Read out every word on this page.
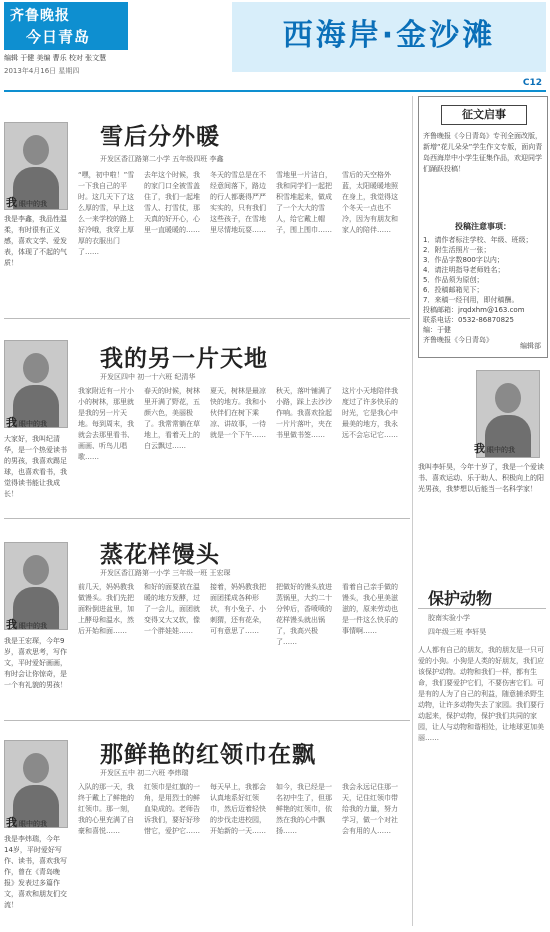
齐鲁晚报
今日青岛
编辑 于健 美编 曹乐 校对 张文慧
2013年4月16日 星期四
西海岸·金沙滩
C12
我眼中的我
我是李鑫，我品性温柔，有时很有正义感，喜欢文学、爱发表，体现了不起的气质！
雪后分外暖
开发区香江路第二小学 五年级四班 李鑫
“嘿，初中啦！”雪一下我自己的平时。这几天下了这么厚的雪，早上这么一来学校的路上好冷哦，我穿上厚厚的衣服出门了……
去年这个时候，我的家门口全被雪盖住了，我们一起堆雪人、打雪仗，那天真的好开心，心里一直暖暖的……
冬天的雪总是在不经意间落下，路边的行人都裹得严严实实的，只有我们这些孩子，在雪地里尽情地玩耍……
雪地里一片洁白，我和同学们一起把积雪堆起来，做成了一个大大的雪人，给它戴上帽子，围上围巾……
雪后的天空格外蓝，太阳暖暖地照在身上，我觉得这个冬天一点也不冷，因为有朋友和家人的陪伴……
我眼中的我
大家好，我叫纪清华，是一个热爱读书的男孩，我喜欢踢足球，也喜欢看书，我觉得读书能让我成长！
我的另一片天地
开发区四中 初一十六班 纪清华
我家附近有一片小小的树林，那里就是我的另一片天地。每到周末，我就会去那里看书、画画、听鸟儿唱歌……
春天的时候，树林里开满了野花，五颜六色，美丽极了。我常常躺在草地上，看着天上的白云飘过……
夏天，树林是最凉快的地方。我和小伙伴们在树下乘凉、讲故事，一待就是一个下午……
秋天，落叶铺满了小路，踩上去沙沙作响。我喜欢捡起一片片落叶，夹在书里做书签……
这片小天地陪伴我度过了许多快乐的时光，它是我心中最美的地方，我永远不会忘记它……
我眼中的我
我是王宏琛，今年9岁，喜欢思考，写作文，平时爱好画画，有时会让你惊奇，是一个有礼貌的男孩！
蒸花样馒头
开发区香江路第一小学 三年级一班 王宏琛
前几天，妈妈教我做馒头。我们先把面粉倒进盆里，加上酵母和温水，然后开始和面……
和好的面要放在温暖的地方发酵，过了一会儿，面团就变得又大又软，像一个胖娃娃……
接着，妈妈教我把面团揉成各种形状，有小兔子、小刺猬，还有花朵，可有意思了……
把做好的馒头放进蒸锅里，大约二十分钟后，香喷喷的花样馒头就出锅了，我高兴极了……
看着自己亲手做的馒头，我心里美滋滋的，原来劳动也是一件这么快乐的事情啊……
我眼中的我
我是李炜瑞，今年14岁，平时爱好写作、读书，喜欢我写作，曾在《青岛晚报》发表过多篇作文，喜欢和朋友们交流！
那鲜艳的红领巾在飘
开发区五中 初二六班 李炜瑞
入队的那一天，我终于戴上了鲜艳的红领巾。那一刻，我的心里充满了自豪和喜悦……
红领巾是红旗的一角，是用烈士的鲜血染成的。老师告诉我们，要好好珍惜它，爱护它……
每天早上，我都会认真地系好红领巾，然后迈着轻快的步伐走进校园，开始新的一天……
如今，我已经是一名初中生了，但那鲜艳的红领巾，依然在我的心中飘扬……
我会永远记住那一天，记住红领巾带给我的力量，努力学习，做一个对社会有用的人……
征文启事
齐鲁晚报《今日青岛》专刊全面改版，新增“花儿朵朵”学生作文专版，面向青岛西海岸中小学生征集作品，欢迎同学们踊跃投稿！
投稿注意事项：
1．请作者标注学校、年级、班级；
2．附生活照片一张；
3．作品字数800字以内；
4．请注明指导老师姓名；
5．作品须为原创；
6．投稿邮箱见下；
7．来稿一经刊用，即付稿酬。
投稿邮箱：jrqdxhm@163.com
联系电话：0532-86870825
编：于健
齐鲁晚报《今日青岛》
编辑部
我眼中的我
我叫李轩昊，今年十岁了，我是一个爱读书、喜欢运动、乐于助人、积极向上的阳光男孩，我梦想以后能当一名科学家！
保护动物
胶南实验小学
四年级三班 李轩昊
人人都有自己的朋友，我的朋友是一只可爱的小狗。小狗是人类的好朋友，我们应该保护动物。动物和我们一样，都有生命，我们要爱护它们，不要伤害它们。可是有的人为了自己的利益，随意捕杀野生动物，让许多动物失去了家园。我们要行动起来，保护动物，保护我们共同的家园，让人与动物和谐相处，让地球更加美丽……
